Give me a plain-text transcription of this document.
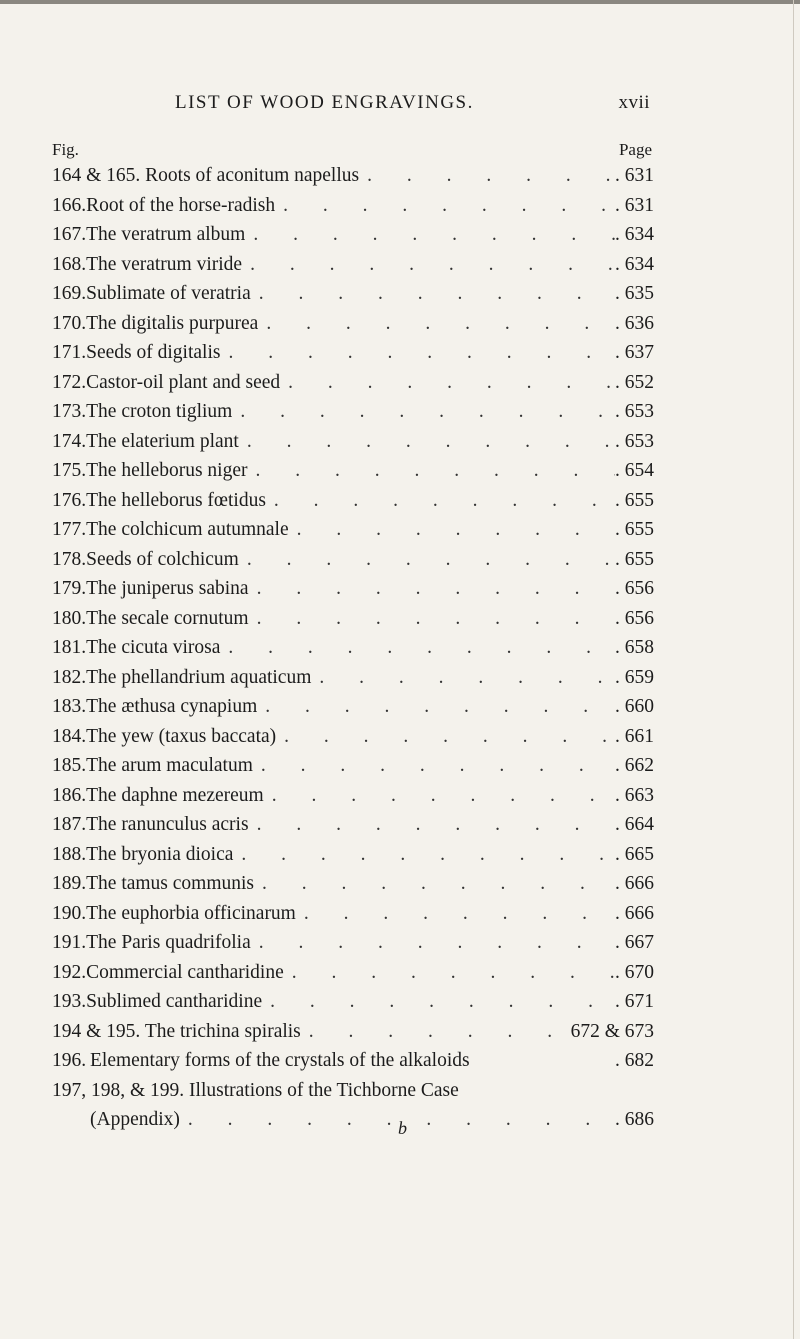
LIST OF WOOD ENGRAVINGS.	xvii
Fig.	Page
164 & 165. Roots of aconitum napellus . . .	. 631
166. Root of the horse-radish . . .	. 631
167. The veratrum album . . .	. 634
168. The veratrum viride . . .	. 634
169. Sublimate of veratria . . .	. 635
170. The digitalis purpurea . . .	. 636
171. Seeds of digitalis . . .	. 637
172. Castor-oil plant and seed . . .	. 652
173. The croton tiglium . . .	. 653
174. The elaterium plant . . .	. 653
175. The helleborus niger . . .	. 654
176. The helleborus fœtidus . . .	. 655
177. The colchicum autumnale . . .	. 655
178. Seeds of colchicum . . .	. 655
179. The juniperus sabina . . .	. 656
180. The secale cornutum . . .	. 656
181. The cicuta virosa . . .	. 658
182. The phellandrium aquaticum . . .	. 659
183. The æthusa cynapium . . .	. 660
184. The yew (taxus baccata) . . .	. 661
185. The arum maculatum . . .	. 662
186. The daphne mezereum . . .	. 663
187. The ranunculus acris . . .	. 664
188. The bryonia dioica . . .	. 665
189. The tamus communis . . .	. 666
190. The euphorbia officinarum . . .	. 666
191. The Paris quadrifolia . . .	. 667
192. Commercial cantharidine . . .	. 670
193. Sublimed cantharidine . . .	. 671
194 & 195. The trichina spiralis . . .	672 & 673
196. Elementary forms of the crystals of the alkaloids	. 682
197, 198, & 199. Illustrations of the Tichborne Case
(Appendix) . . .	. 686
b
